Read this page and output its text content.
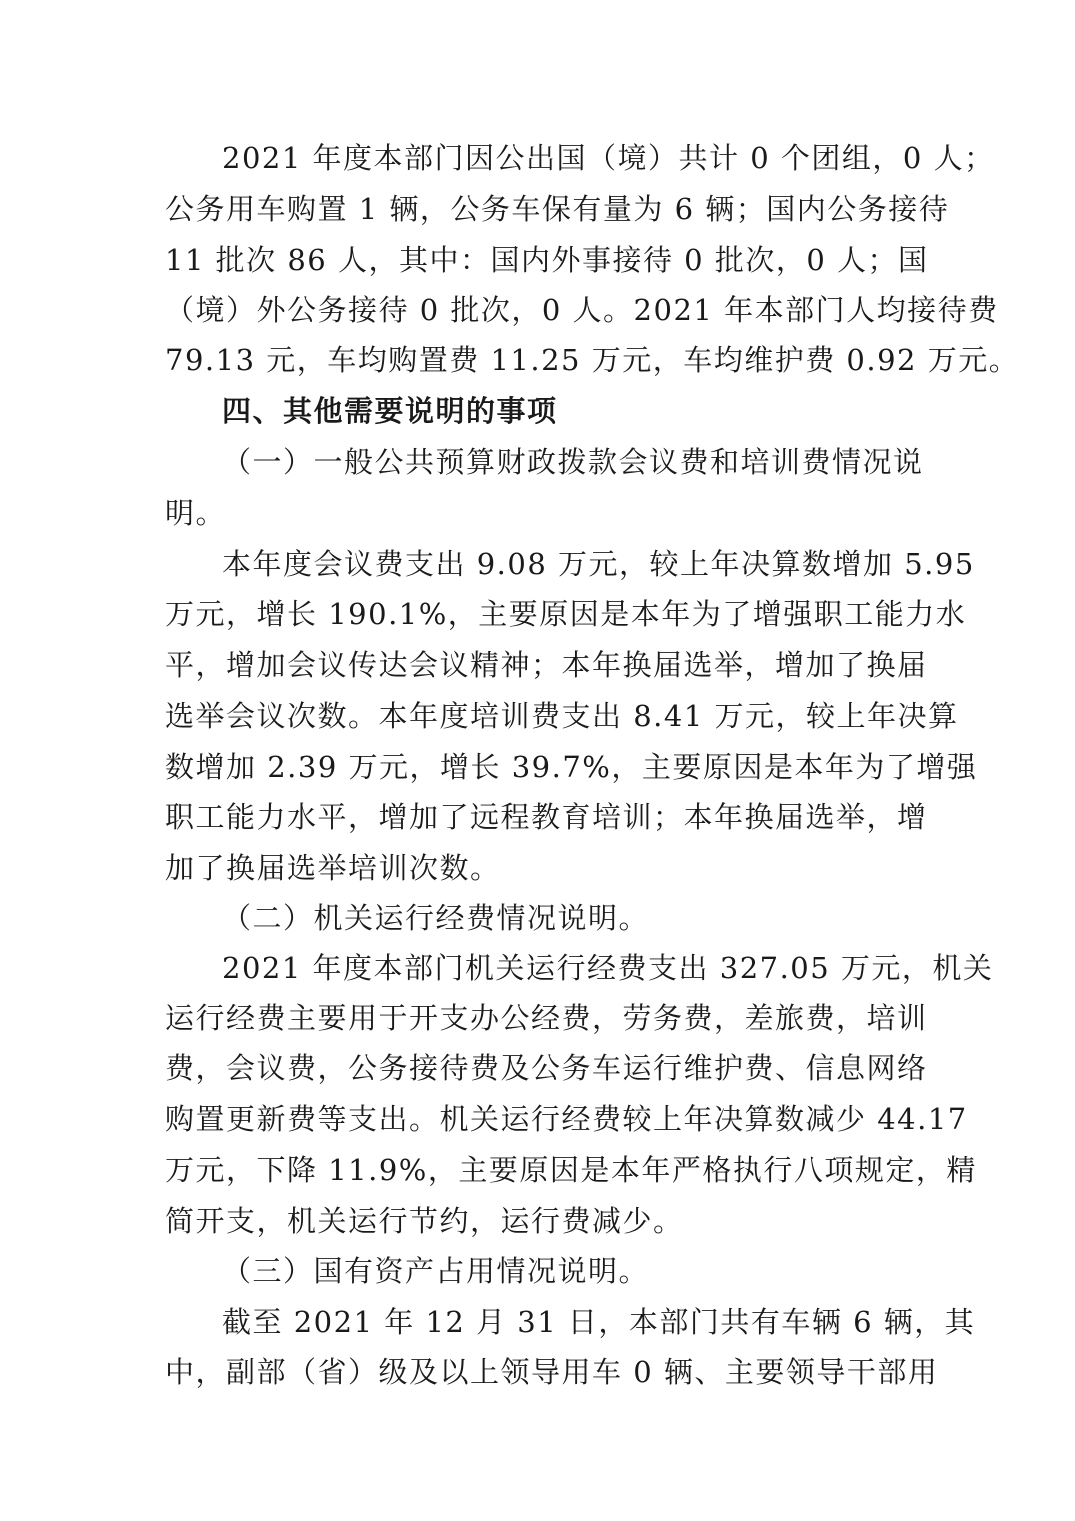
2021 年度本部门因公出国（境）共计 0 个团组，0 人；
公务用车购置 1 辆，公务车保有量为 6 辆；国内公务接待
11 批次 86 人，其中：国内外事接待 0 批次，0 人；国
（境）外公务接待 0 批次，0 人。2021 年本部门人均接待费
79.13 元，车均购置费 11.25 万元，车均维护费 0.92 万元。
四、其他需要说明的事项
（一）一般公共预算财政拨款会议费和培训费情况说
明。
本年度会议费支出 9.08 万元，较上年决算数增加 5.95
万元，增长 190.1%，主要原因是本年为了增强职工能力水
平，增加会议传达会议精神；本年换届选举，增加了换届
选举会议次数。本年度培训费支出 8.41 万元，较上年决算
数增加 2.39 万元，增长 39.7%，主要原因是本年为了增强
职工能力水平，增加了远程教育培训；本年换届选举，增
加了换届选举培训次数。
（二）机关运行经费情况说明。
2021 年度本部门机关运行经费支出 327.05 万元，机关
运行经费主要用于开支办公经费，劳务费，差旅费，培训
费，会议费，公务接待费及公务车运行维护费、信息网络
购置更新费等支出。机关运行经费较上年决算数减少 44.17
万元，下降 11.9%，主要原因是本年严格执行八项规定，精
简开支，机关运行节约，运行费减少。
（三）国有资产占用情况说明。
截至 2021 年 12 月 31 日，本部门共有车辆 6 辆，其
中，副部（省）级及以上领导用车 0 辆、主要领导干部用
